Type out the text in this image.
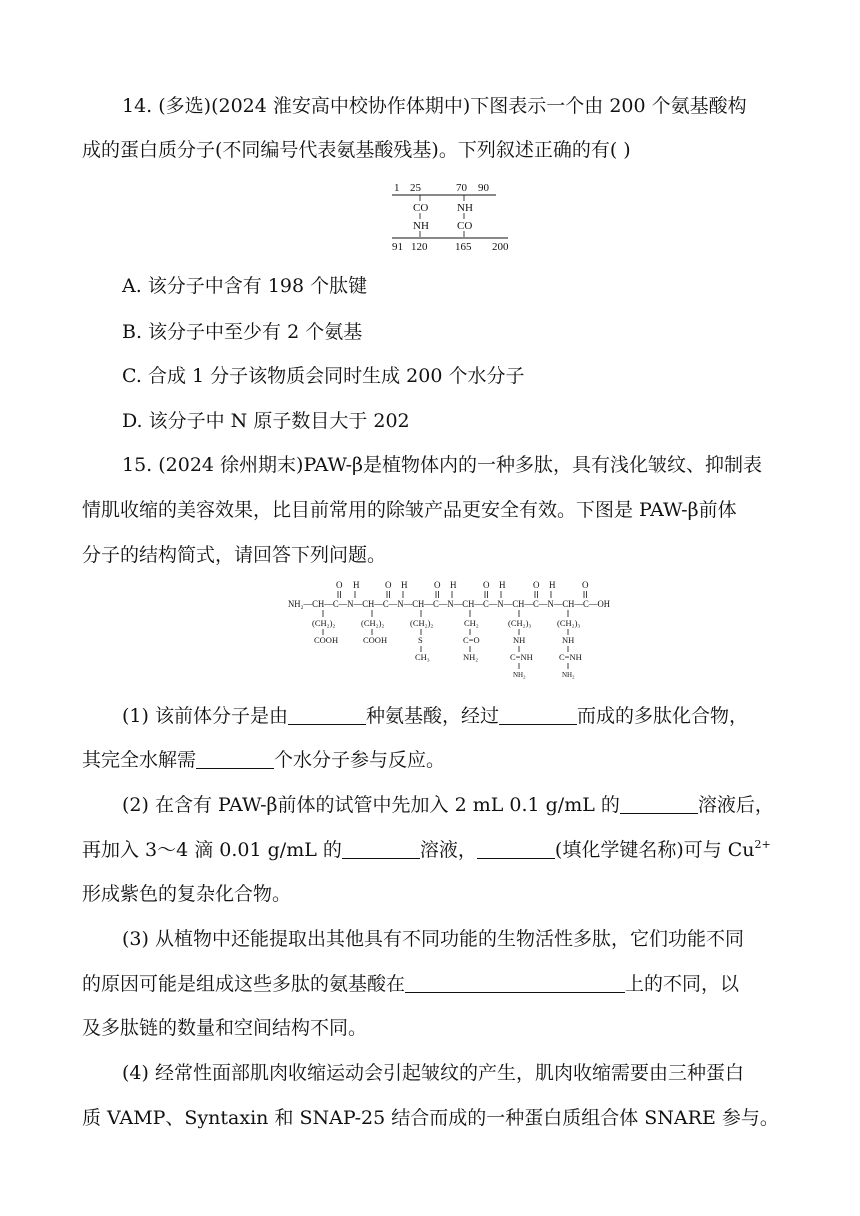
14. (多选)(2024 淮安高中校协作体期中)下图表示一个由 200 个氨基酸构
成的蛋白质分子(不同编号代表氨基酸残基)。下列叙述正确的有( )
1 25	70 90
CO
NH
NH
CO
91 120	165 200
A. 该分子中含有 198 个肽键
B. 该分子中至少有 2 个氨基
C. 合成 1 分子该物质会同时生成 200 个水分子
D. 该分子中 N 原子数目大于 202
15. (2024 徐州期末)PAW-β是植物体内的一种多肽，具有浅化皱纹、抑制表
情肌收缩的美容效果，比目前常用的除皱产品更安全有效。下图是 PAW-β前体
分子的结构简式，请回答下列问题。
O H	O H	O H	O H	O H	O
NH₂—CH—C—N—CH—C—N—CH—C—N—CH—C—N—CH—C—N—CH—C—OH
(CH₂)₂
COOH
(CH₂)₂
COOH
(CH₂)₂
S
CH₃
CH₂
C=O
NH₂
(CH₂)₃
NH
C=NH
NH₂
(CH₂)₃
NH
C=NH
NH₂
(1) 该前体分子是由	种氨基酸，经过	而成的多肽化合物，
其完全水解需	个水分子参与反应。
(2) 在含有 PAW-β前体的试管中先加入 2 mL 0.1 g/mL 的	溶液后，
再加入 3～4 滴 0.01 g/mL 的	溶液，	(填化学键名称)可与 $Cu^{2+}$
形成紫色的复杂化合物。
(3) 从植物中还能提取出其他具有不同功能的生物活性多肽，它们功能不同
的原因可能是组成这些多肽的氨基酸在	上的不同，以
及多肽链的数量和空间结构不同。
(4) 经常性面部肌肉收缩运动会引起皱纹的产生，肌肉收缩需要由三种蛋白
质 VAMP、Syntaxin 和 SNAP-25 结合而成的一种蛋白质组合体 SNARE 参与。
